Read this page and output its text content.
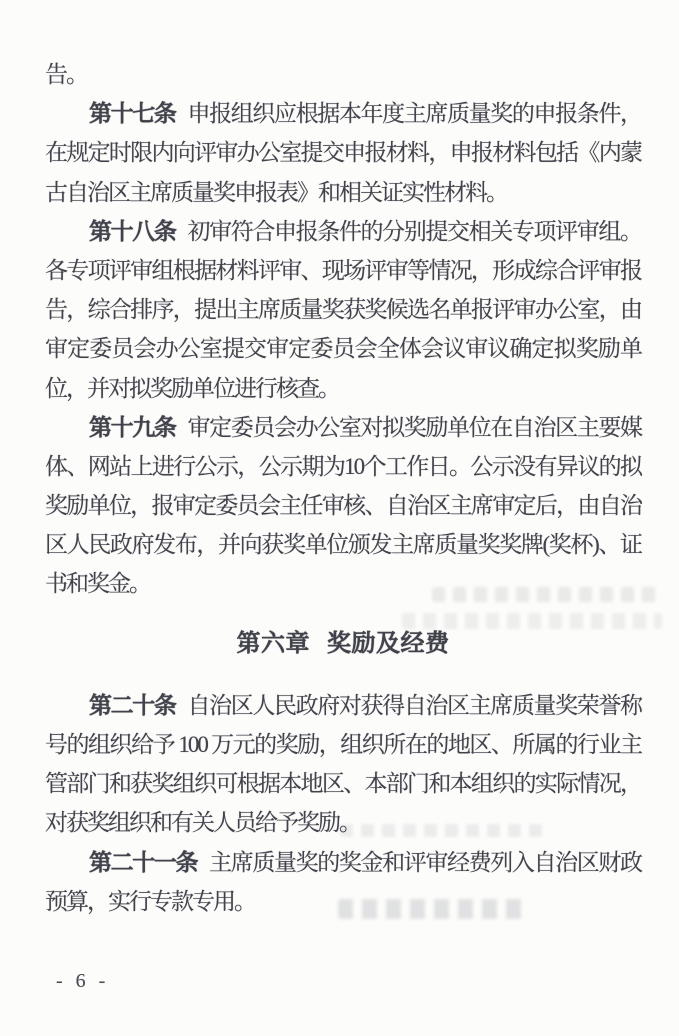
告。
第十七条 申报组织应根据本年度主席质量奖的申报条件，
在规定时限内向评审办公室提交申报材料，申报材料包括《内蒙
古自治区主席质量奖申报表》和相关证实性材料。
第十八条 初审符合申报条件的分别提交相关专项评审组。
各专项评审组根据材料评审、现场评审等情况，形成综合评审报
告，综合排序，提出主席质量奖获奖候选名单报评审办公室，由
审定委员会办公室提交审定委员会全体会议审议确定拟奖励单
位，并对拟奖励单位进行核查。
第十九条 审定委员会办公室对拟奖励单位在自治区主要媒
体、网站上进行公示，公示期为10个工作日。公示没有异议的拟
奖励单位，报审定委员会主任审核、自治区主席审定后，由自治
区人民政府发布，并向获奖单位颁发主席质量奖奖牌(奖杯)、证
书和奖金。
第六章 奖励及经费
第二十条 自治区人民政府对获得自治区主席质量奖荣誉称
号的组织给予 100 万元的奖励，组织所在的地区、所属的行业主
管部门和获奖组织可根据本地区、本部门和本组织的实际情况，
对获奖组织和有关人员给予奖励。
第二十一条 主席质量奖的奖金和评审经费列入自治区财政
预算，实行专款专用。
- 6 -
